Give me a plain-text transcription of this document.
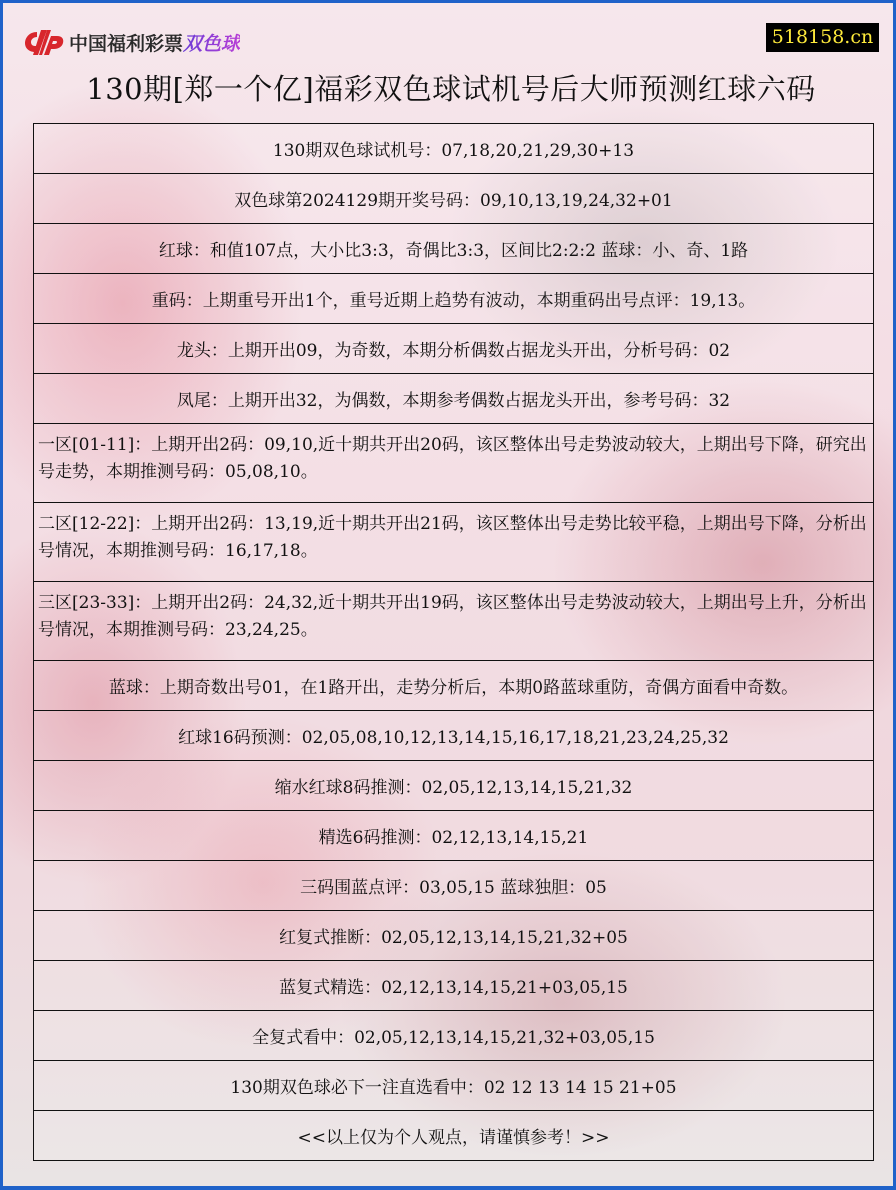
中国福利彩票双色球	518158.cn
130期[郑一个亿]福彩双色球试机号后大师预测红球六码
130期双色球试机号：07,18,20,21,29,30+13
双色球第2024129期开奖号码：09,10,13,19,24,32+01
红球：和值107点，大小比3:3，奇偶比3:3，区间比2:2:2 蓝球：小、奇、1路
重码：上期重号开出1个，重号近期上趋势有波动，本期重码出号点评：19,13。
龙头：上期开出09，为奇数，本期分析偶数占据龙头开出，分析号码：02
凤尾：上期开出32，为偶数，本期参考偶数占据龙头开出，参考号码：32
一区[01-11]：上期开出2码：09,10,近十期共开出20码，该区整体出号走势波动较大，上期出号下降，研究出号走势，本期推测号码：05,08,10。
二区[12-22]：上期开出2码：13,19,近十期共开出21码，该区整体出号走势比较平稳，上期出号下降，分析出号情况，本期推测号码：16,17,18。
三区[23-33]：上期开出2码：24,32,近十期共开出19码，该区整体出号走势波动较大，上期出号上升，分析出号情况，本期推测号码：23,24,25。
蓝球：上期奇数出号01，在1路开出，走势分析后，本期0路蓝球重防，奇偶方面看中奇数。
红球16码预测：02,05,08,10,12,13,14,15,16,17,18,21,23,24,25,32
缩水红球8码推测：02,05,12,13,14,15,21,32
精选6码推测：02,12,13,14,15,21
三码围蓝点评：03,05,15 蓝球独胆：05
红复式推断：02,05,12,13,14,15,21,32+05
蓝复式精选：02,12,13,14,15,21+03,05,15
全复式看中：02,05,12,13,14,15,21,32+03,05,15
130期双色球必下一注直选看中：02 12 13 14 15 21+05
<<以上仅为个人观点，请谨慎参考！>>
